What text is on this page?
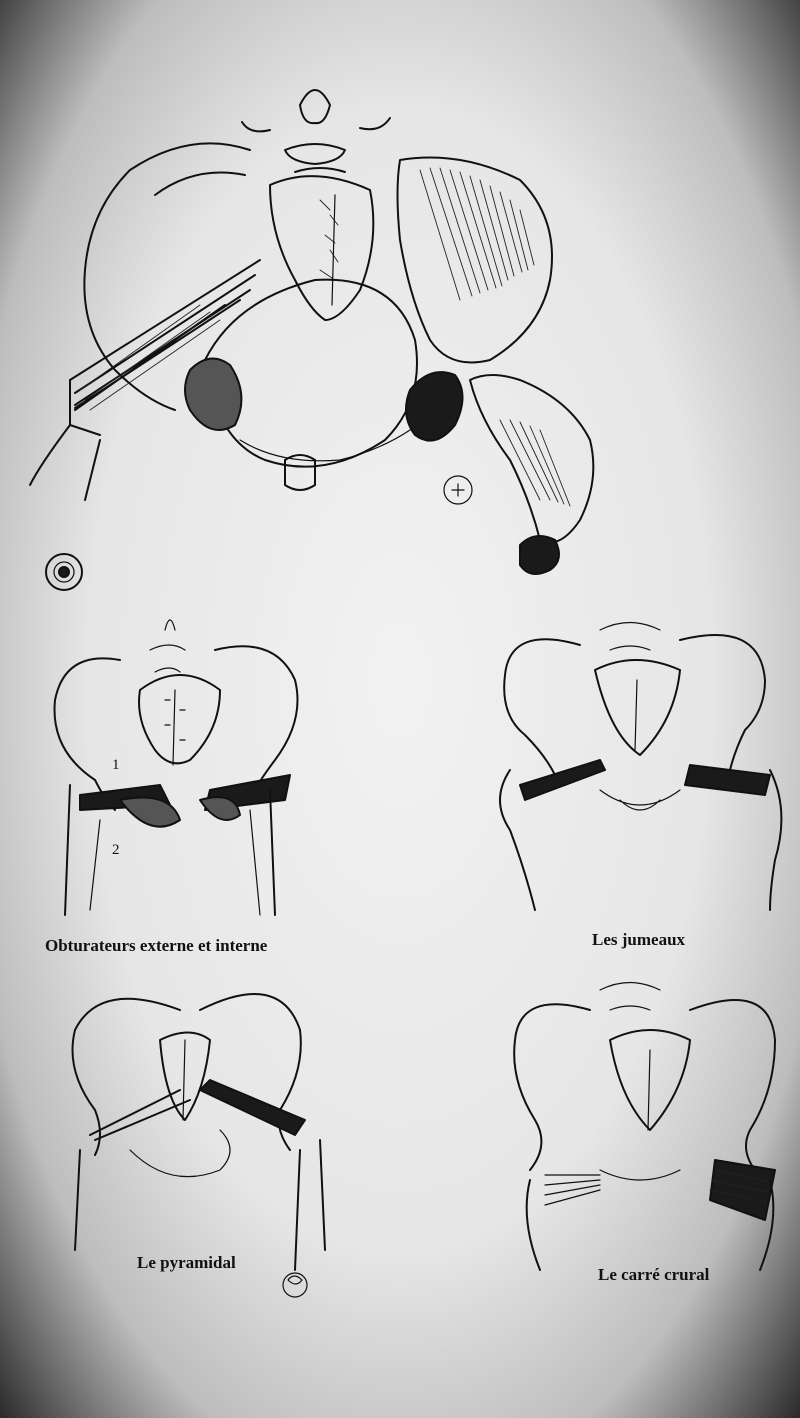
1
2
Obturateurs externe et interne	Les jumeaux
Le pyramidal
Le carré crural
